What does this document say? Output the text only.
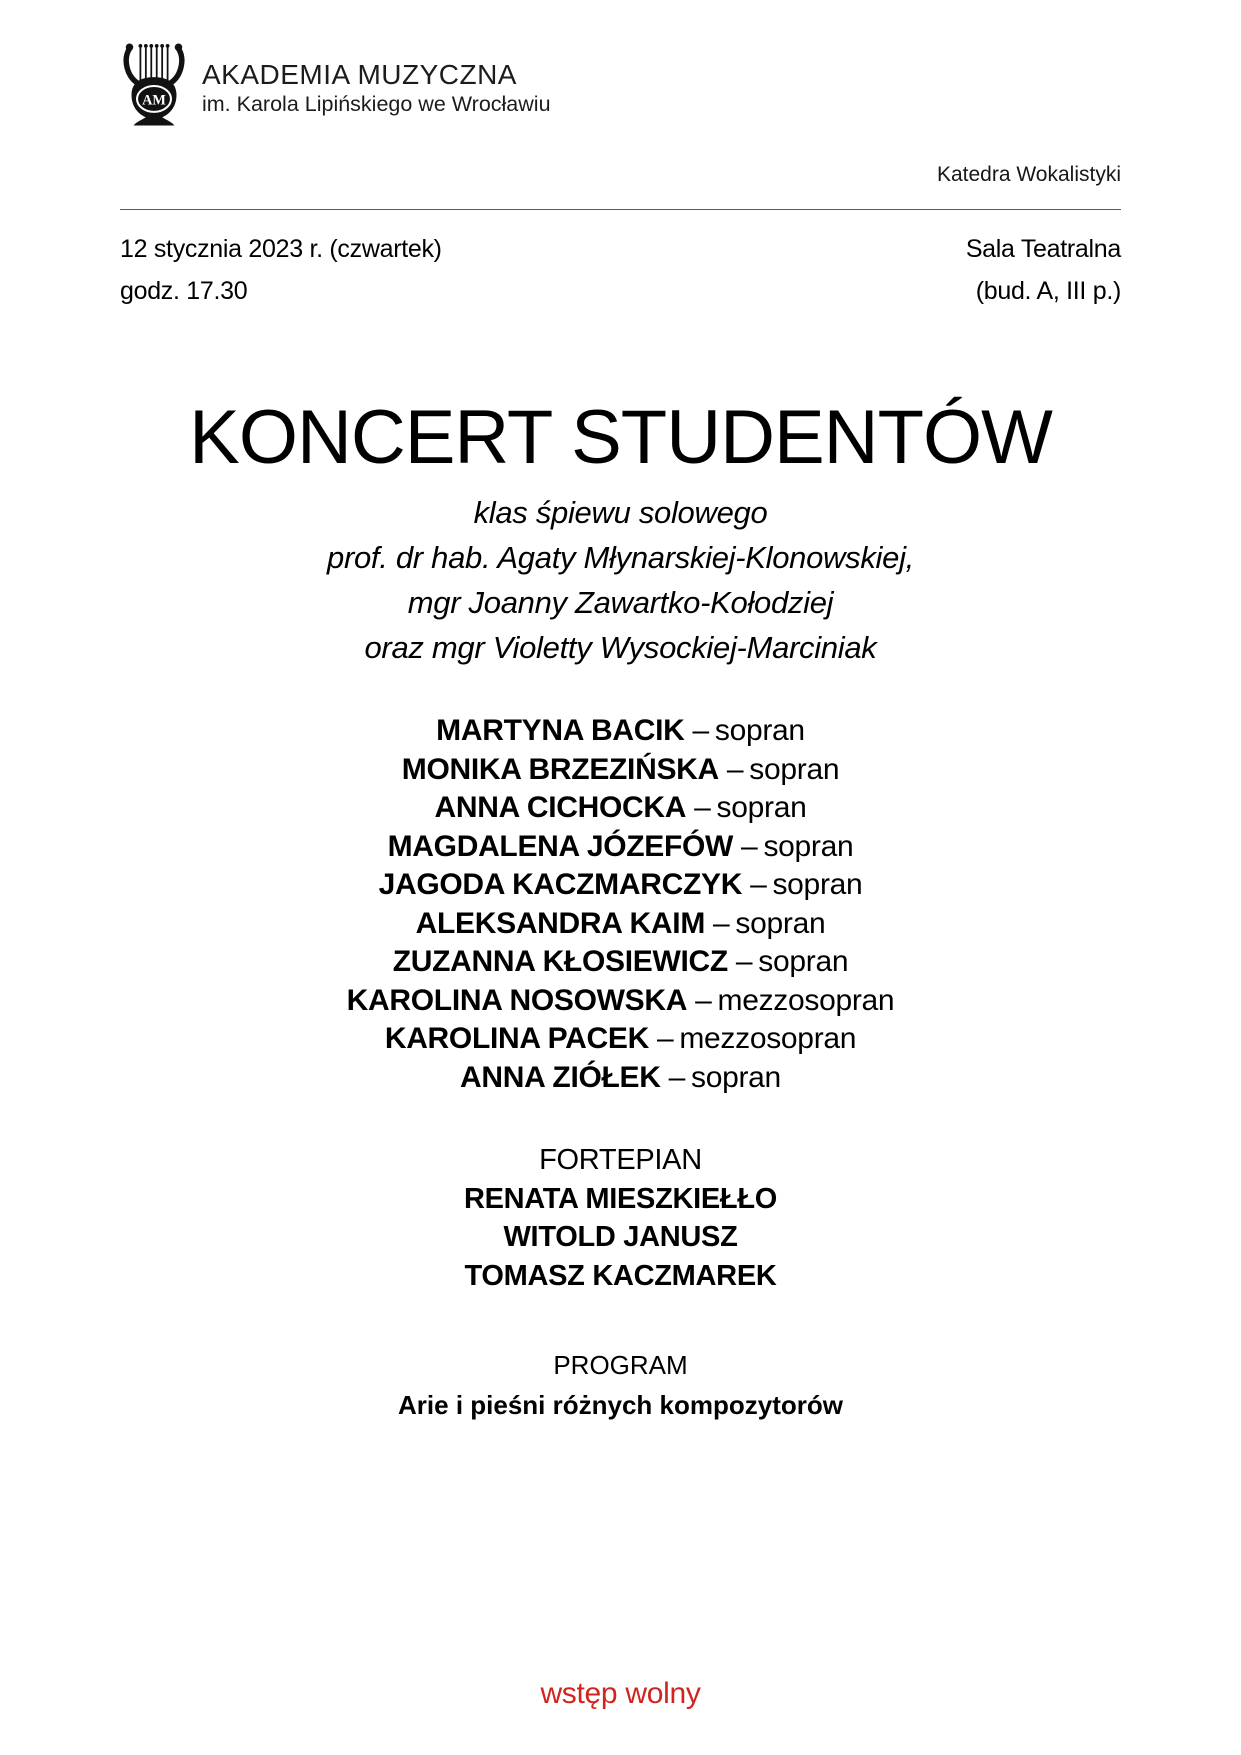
AM
AKADEMIA MUZYCZNA
im. Karola Lipińskiego we Wrocławiu
Katedra Wokalistyki
12 stycznia 2023 r. (czwartek)
godz. 17.30
Sala Teatralna
(bud. A, III p.)
KONCERT STUDENTÓW
klas śpiewu solowego
prof. dr hab. Agaty Młynarskiej-Klonowskiej,
mgr Joanny Zawartko-Kołodziej
oraz mgr Violetty Wysockiej-Marciniak
MARTYNA BACIK – sopran
MONIKA BRZEZIŃSKA – sopran
ANNA CICHOCKA – sopran
MAGDALENA JÓZEFÓW – sopran
JAGODA KACZMARCZYK – sopran
ALEKSANDRA KAIM – sopran
ZUZANNA KŁOSIEWICZ – sopran
KAROLINA NOSOWSKA – mezzosopran
KAROLINA PACEK – mezzosopran
ANNA ZIÓŁEK – sopran
FORTEPIAN
RENATA MIESZKIEŁŁO
WITOLD JANUSZ
TOMASZ KACZMAREK
PROGRAM
Arie i pieśni różnych kompozytorów
wstęp wolny
